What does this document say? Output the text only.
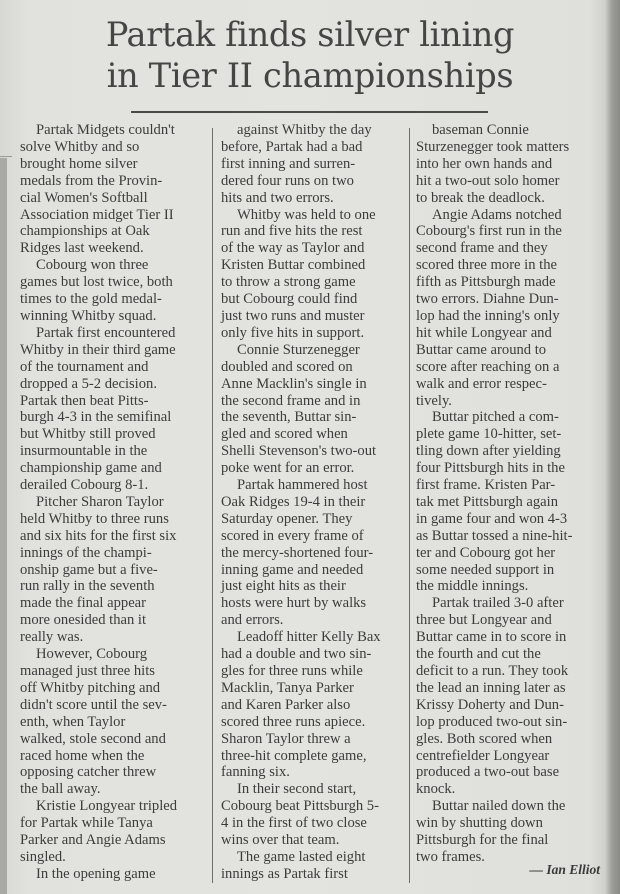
Partak finds silver lining
in Tier II championships

Partak Midgets couldn't
solve Whitby and so
brought home silver
medals from the Provin-
cial Women's Softball
Association midget Tier II
championships at Oak
Ridges last weekend.

Cobourg won three
games but lost twice, both
times to the gold medal-
winning Whitby squad.

Partak first encountered
Whitby in their third game
of the tournament and
dropped a 5-2 decision.
Partak then beat Pitts-
burgh 4-3 in the semifinal
but Whitby still proved
insurmountable in the
championship game and
derailed Cobourg 8-1.

Pitcher Sharon Taylor
held Whitby to three runs
and six hits for the first six
innings of the champi-
onship game but a five-
run rally in the seventh
made the final appear
more onesided than it
really was.

However, Cobourg
managed just three hits
off Whitby pitching and
didn't score until the sev-
enth, when Taylor
walked, stole second and
raced home when the
opposing catcher threw
the ball away.

Kristie Longyear tripled
for Partak while Tanya
Parker and Angie Adams
singled.

In the opening game

against Whitby the day
before, Partak had a bad
first inning and surren-
dered four runs on two
hits and two errors.

Whitby was held to one
run and five hits the rest
of the way as Taylor and
Kristen Buttar combined
to throw a strong game
but Cobourg could find
just two runs and muster
only five hits in support.

Connie Sturzenegger
doubled and scored on
Anne Macklin's single in
the second frame and in
the seventh, Buttar sin-
gled and scored when
Shelli Stevenson's two-out
poke went for an error.

Partak hammered host
Oak Ridges 19-4 in their
Saturday opener. They
scored in every frame of
the mercy-shortened four-
inning game and needed
just eight hits as their
hosts were hurt by walks
and errors.

Leadoff hitter Kelly Bax
had a double and two sin-
gles for three runs while
Macklin, Tanya Parker
and Karen Parker also
scored three runs apiece.
Sharon Taylor threw a
three-hit complete game,
fanning six.

In their second start,
Cobourg beat Pittsburgh 5-
4 in the first of two close
wins over that team.

The game lasted eight
innings as Partak first

baseman Connie
Sturzenegger took matters
into her own hands and
hit a two-out solo homer
to break the deadlock.

Angie Adams notched
Cobourg's first run in the
second frame and they
scored three more in the
fifth as Pittsburgh made
two errors. Diahne Dun-
lop had the inning's only
hit while Longyear and
Buttar came around to
score after reaching on a
walk and error respec-
tively.

Buttar pitched a com-
plete game 10-hitter, set-
tling down after yielding
four Pittsburgh hits in the
first frame. Kristen Par-
tak met Pittsburgh again
in game four and won 4-3
as Buttar tossed a nine-hit-
ter and Cobourg got her
some needed support in
the middle innings.

Partak trailed 3-0 after
three but Longyear and
Buttar came in to score in
the fourth and cut the
deficit to a run. They took
the lead an inning later as
Krissy Doherty and Dun-
lop produced two-out sin-
gles. Both scored when
centrefielder Longyear
produced a two-out base
knock.

Buttar nailed down the
win by shutting down
Pittsburgh for the final
two frames.

— Ian Elliot
